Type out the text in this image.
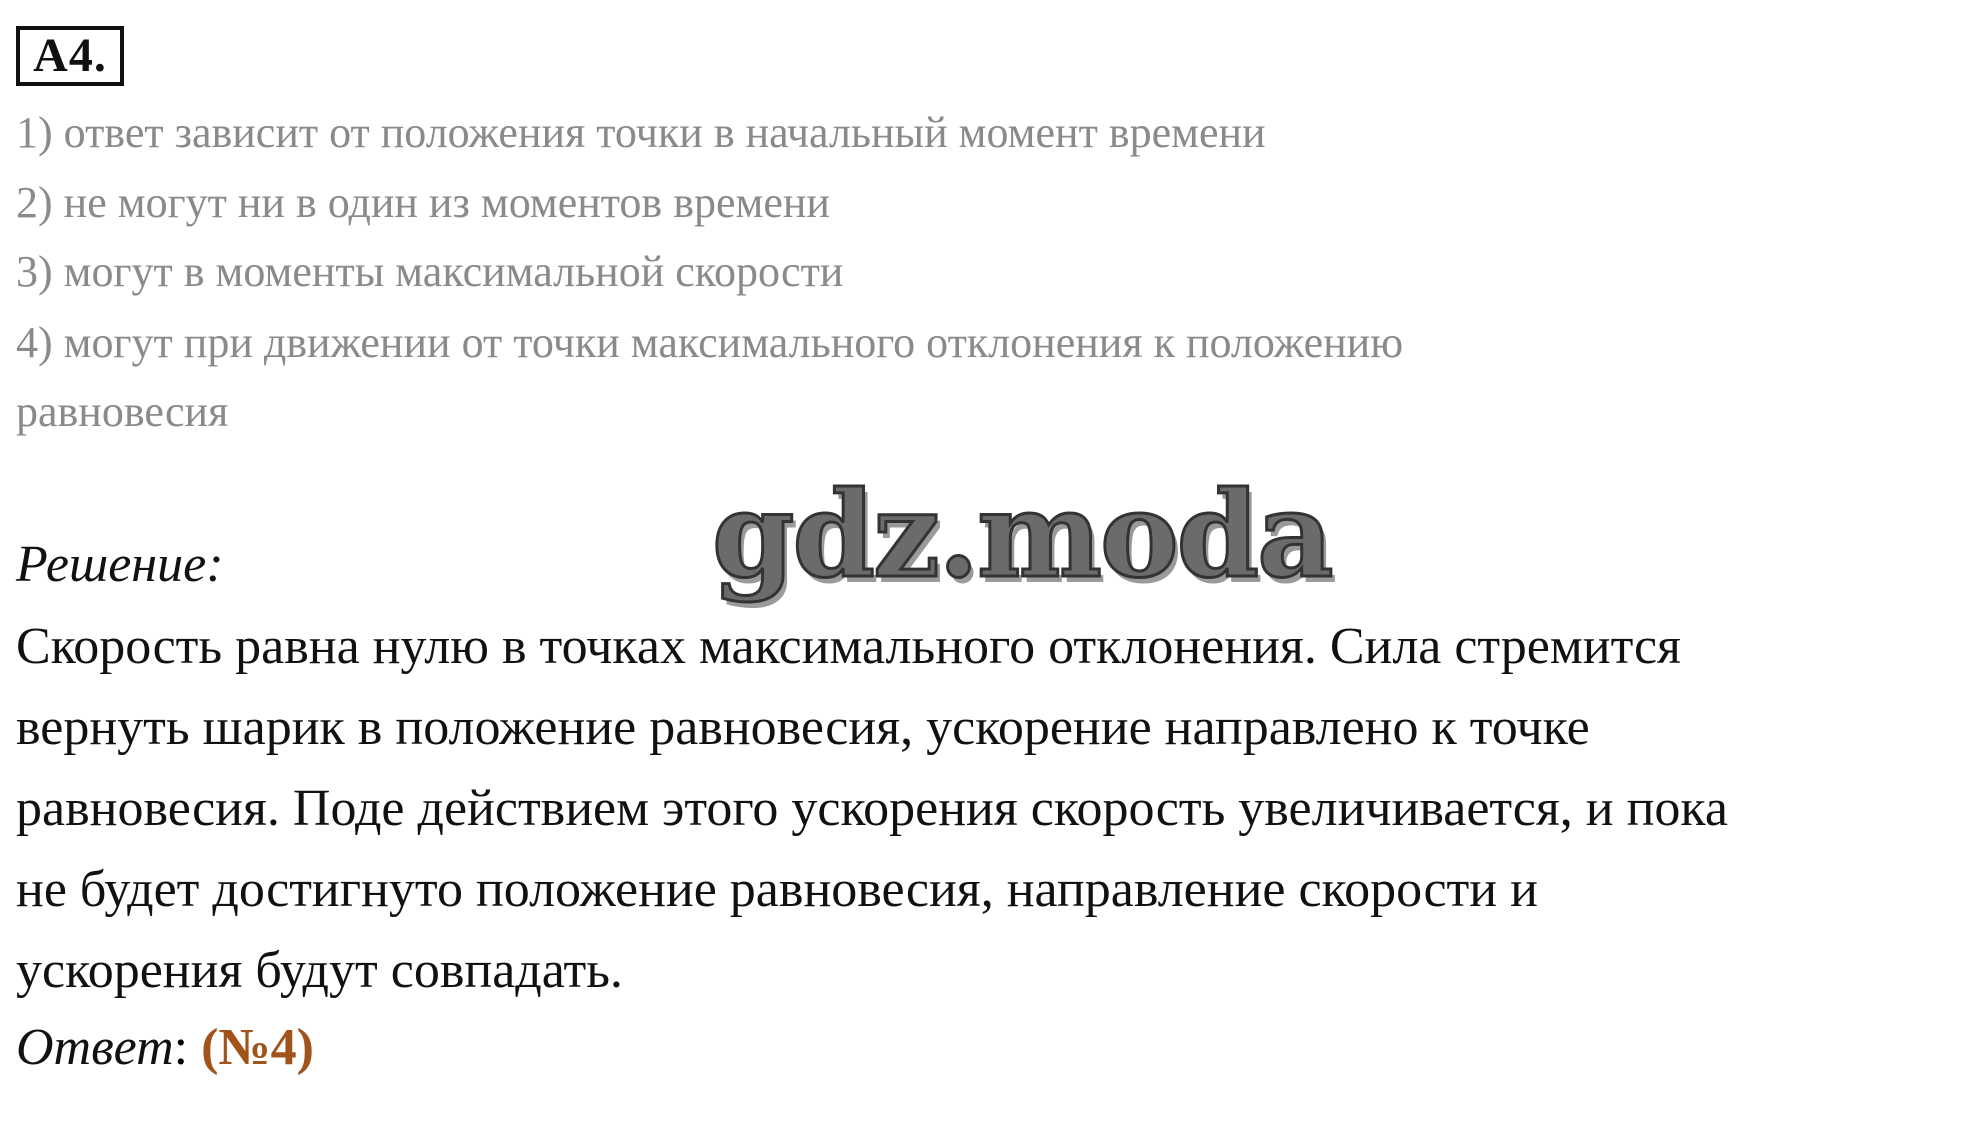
А4.
1) ответ зависит от положения точки в начальный момент времени
2) не могут ни в один из моментов времени
3) могут в моменты максимальной скорости
4) могут при движении от точки максимального отклонения к положению
равновесия
gdz.moda
Решение:
Скорость равна нулю в точках максимального отклонения. Сила стремится
вернуть шарик в положение равновесия, ускорение направлено к точке
равновесия. Поде действием этого ускорения скорость увеличивается, и пока
не будет достигнуто положение равновесия, направление скорости и
ускорения будут совпадать.
Ответ: (№4)
